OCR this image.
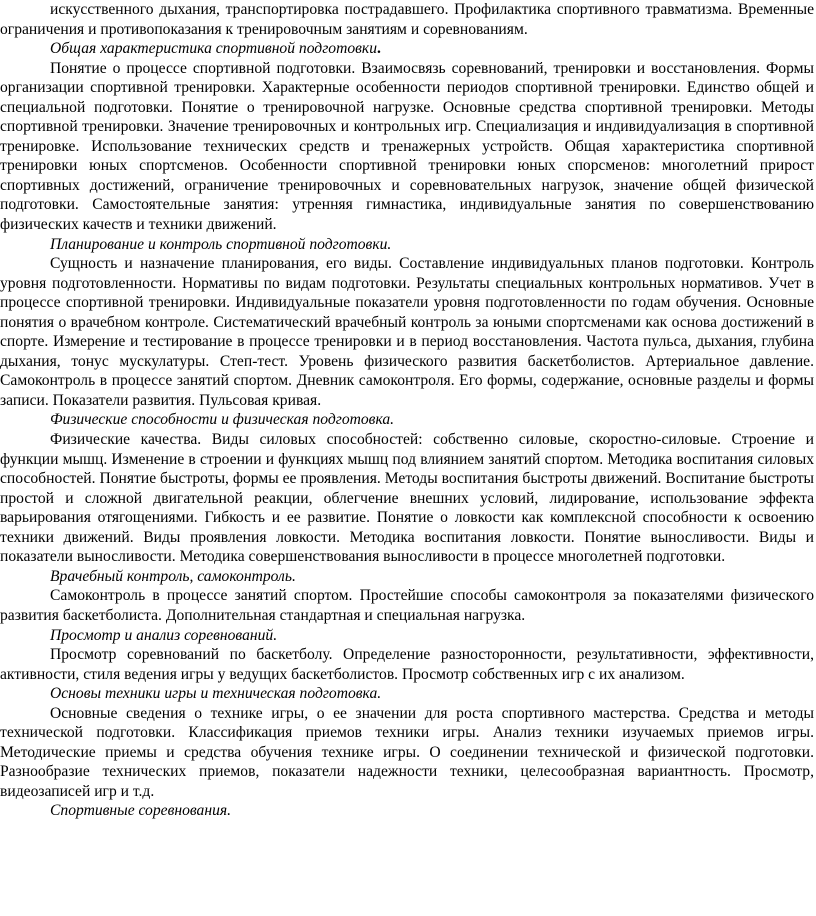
искусственного дыхания, транспортировка пострадавшего. Профилактика спортивного травматизма. Временные ограничения и противопоказания к тренировочным занятиям и соревнованиям.

Общая характеристика спортивной подготовки.

Понятие о процессе спортивной подготовки. Взаимосвязь соревнований, тренировки и восстановления. Формы организации спортивной тренировки. Характерные особенности периодов спортивной тренировки. Единство общей и специальной подготовки. Понятие о тренировочной нагрузке. Основные средства спортивной тренировки. Методы спортивной тренировки. Значение тренировочных и контрольных игр. Специализация и индивидуализация в спортивной тренировке. Использование технических средств и тренажерных устройств. Общая характеристика спортивной тренировки юных спортсменов. Особенности спортивной тренировки юных спорсменов: многолетний прирост спортивных достижений, ограничение тренировочных и соревновательных нагрузок, значение общей физической подготовки. Самостоятельные занятия: утренняя гимнастика, индивидуальные занятия по совершенствованию физических качеств и техники движений.

Планирование и контроль спортивной подготовки.

Сущность и назначение планирования, его виды. Составление индивидуальных планов подготовки. Контроль уровня подготовленности. Нормативы по видам подготовки. Результаты специальных контрольных нормативов. Учет в процессе спортивной тренировки. Индивидуальные показатели уровня подготовленности по годам обучения. Основные понятия о врачебном контроле. Систематический врачебный контроль за юными спортсменами как основа достижений в спорте. Измерение и тестирование в процессе тренировки и в период восстановления. Частота пульса, дыхания, глубина дыхания, тонус мускулатуры. Степ-тест. Уровень физического развития баскетболистов. Артериальное давление. Самоконтроль в процессе занятий спортом. Дневник самоконтроля. Его формы, содержание, основные разделы и формы записи. Показатели развития. Пульсовая кривая.

Физические способности и физическая подготовка.

Физические качества. Виды силовых способностей: собственно силовые, скоростно-силовые. Строение и функции мышц. Изменение в строении и функциях мышц под влиянием занятий спортом. Методика воспитания силовых способностей. Понятие быстроты, формы ее проявления. Методы воспитания быстроты движений. Воспитание быстроты простой и сложной двигательной реакции, облегчение внешних условий, лидирование, использование эффекта варьирования отягощениями. Гибкость и ее развитие. Понятие о ловкости как комплексной способности к освоению техники движений. Виды проявления ловкости. Методика воспитания ловкости. Понятие выносливости. Виды и показатели выносливости. Методика совершенствования выносливости в процессе многолетней подготовки.

Врачебный контроль, самоконтроль.

Самоконтроль в процессе занятий спортом. Простейшие способы самоконтроля за показателями физического развития баскетболиста. Дополнительная стандартная и специальная нагрузка.

Просмотр и анализ соревнований.

Просмотр соревнований по баскетболу. Определение разносторонности, результативности, эффективности, активности, стиля ведения игры у ведущих баскетболистов. Просмотр собственных игр с их анализом.

Основы техники игры и техническая подготовка.

Основные сведения о технике игры, о ее значении для роста спортивного мастерства. Средства и методы технической подготовки. Классификация приемов техники игры. Анализ техники изучаемых приемов игры. Методические приемы и средства обучения технике игры. О соединении технической и физической подготовки. Разнообразие технических приемов, показатели надежности техники, целесообразная вариантность. Просмотр, видеозаписей игр и т.д.

Спортивные соревнования.
